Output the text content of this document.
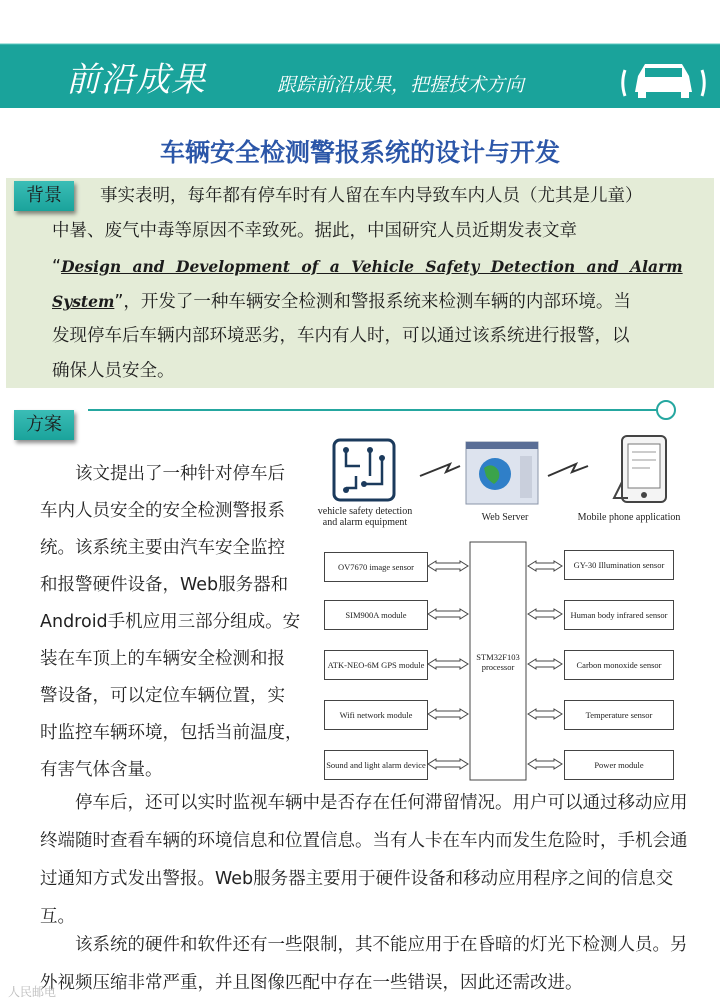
前沿成果	跟踪前沿成果，把握技术方向
车辆安全检测警报系统的设计与开发
背景	事实表明，每年都有停车时有人留在车内导致车内人员（尤其是儿童）
中暑、废气中毒等原因不幸致死。据此，中国研究人员近期发表文章
“Design and Development of a Vehicle Safety Detection and Alarm
System”，开发了一种车辆安全检测和警报系统来检测车辆的内部环境。当
发现停车后车辆内部环境恶劣，车内有人时，可以通过该系统进行报警，以
确保人员安全。
方案

　　该文提出了一种针对停车后

车内人员安全的安全检测警报系

统。该系统主要由汽车安全监控

和报警硬件设备，Web服务器和

Android手机应用三部分组成。安

装在车顶上的车辆安全检测和报

警设备，可以定位车辆位置，实

时监控车辆环境，包括当前温度，

有害气体含量。

vehicle safety detection and alarm equipment	Web Server	Mobile phone application
STM32F103 processor
OV7670 image sensor
SIM900A module
ATK-NEO-6M GPS module
Wifi network module
Sound and light alarm device
GY-30 Illumination sensor
Human body infrared sensor
Carbon monoxide sensor
Temperature sensor
Power module

停车后，还可以实时监视车辆中是否存在任何滞留情况。用户可以通过移动应用终端随时查看车辆的环境信息和位置信息。当有人卡在车内而发生危险时，手机会通过通知方式发出警报。Web服务器主要用于硬件设备和移动应用程序之间的信息交互。

该系统的硬件和软件还有一些限制，其不能应用于在昏暗的灯光下检测人员。另外视频压缩非常严重，并且图像匹配中存在一些错误，因此还需改进。

人民邮电
